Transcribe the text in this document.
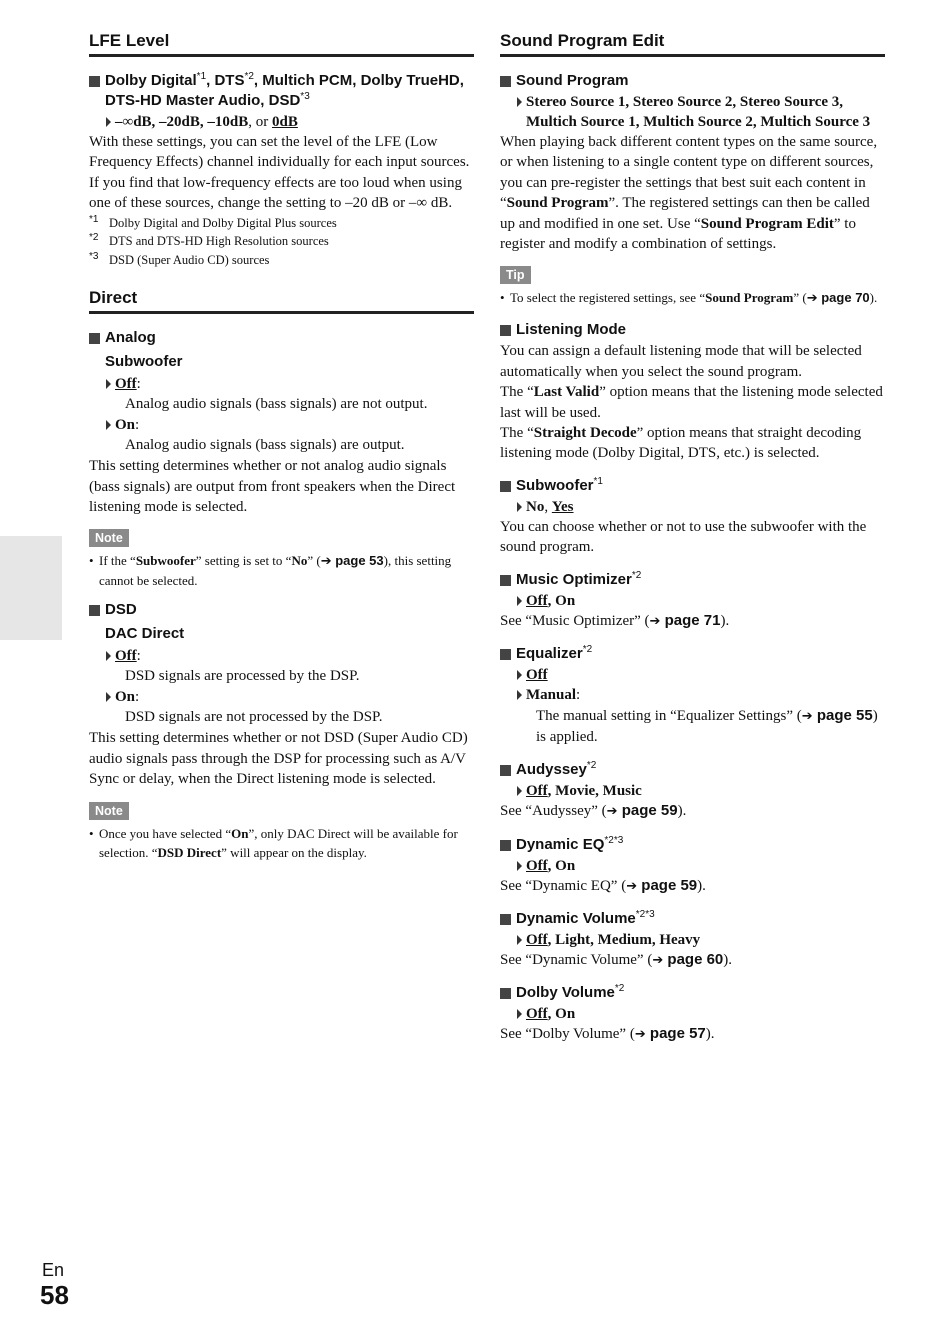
LFE Level
Dolby Digital$^{*1}$, DTS$^{*2}$, Multich PCM, Dolby TrueHD, DTS-HD Master Audio, DSD$^{*3}$
–∞dB, –20dB, –10dB, or 0dB

With these settings, you can set the level of the LFE (Low Frequency Effects) channel individually for each input sources.

If you find that low-frequency effects are too loud when using one of these sources, change the setting to –20 dB or –∞ dB.

*1 Dolby Digital and Dolby Digital Plus sources
*2 DTS and DTS-HD High Resolution sources
*3 DSD (Super Audio CD) sources
Direct
Analog
Subwoofer
Off:
Analog audio signals (bass signals) are not output.
On:
Analog audio signals (bass signals) are output.

This setting determines whether or not analog audio signals (bass signals) are output from front speakers when the Direct listening mode is selected.

Note
• If the “Subwoofer” setting is set to “No” (➔ page 53), this setting cannot be selected.
DSD
DAC Direct
Off:
DSD signals are processed by the DSP.
On:
DSD signals are not processed by the DSP.

This setting determines whether or not DSD (Super Audio CD) audio signals pass through the DSP for processing such as A/V Sync or delay, when the Direct listening mode is selected.

Note
• Once you have selected “On”, only DAC Direct will be available for selection. “DSD Direct” will appear on the display.
Sound Program Edit
Sound Program
Stereo Source 1, Stereo Source 2, Stereo Source 3, Multich Source 1, Multich Source 2, Multich Source 3

When playing back different content types on the same source, or when listening to a single content type on different sources, you can pre-register the settings that best suit each content in “Sound Program”. The registered settings can then be called up and modified in one set. Use “Sound Program Edit” to register and modify a combination of settings.

Tip
• To select the registered settings, see “Sound Program” (➔ page 70).
Listening Mode

You can assign a default listening mode that will be selected automatically when you select the sound program.

The “Last Valid” option means that the listening mode selected last will be used.

The “Straight Decode” option means that straight decoding listening mode (Dolby Digital, DTS, etc.) is selected.

Subwoofer$^{*1}$
No, Yes

You can choose whether or not to use the subwoofer with the sound program.

Music Optimizer$^{*2}$
Off, On

See “Music Optimizer” (➔ page 71).

Equalizer$^{*2}$
Off
Manual:
The manual setting in “Equalizer Settings” (➔ page 55) is applied.
Audyssey$^{*2}$
Off, Movie, Music

See “Audyssey” (➔ page 59).

Dynamic $EQ^{*2*3}$
Off, On

See “Dynamic EQ” (➔ page 59).

Dynamic Volume$^{*2*3}$
Off, Light, Medium, Heavy

See “Dynamic Volume” (➔ page 60).

Dolby Volume$^{*2}$
Off, On

See “Dolby Volume” (➔ page 57).

En
58
